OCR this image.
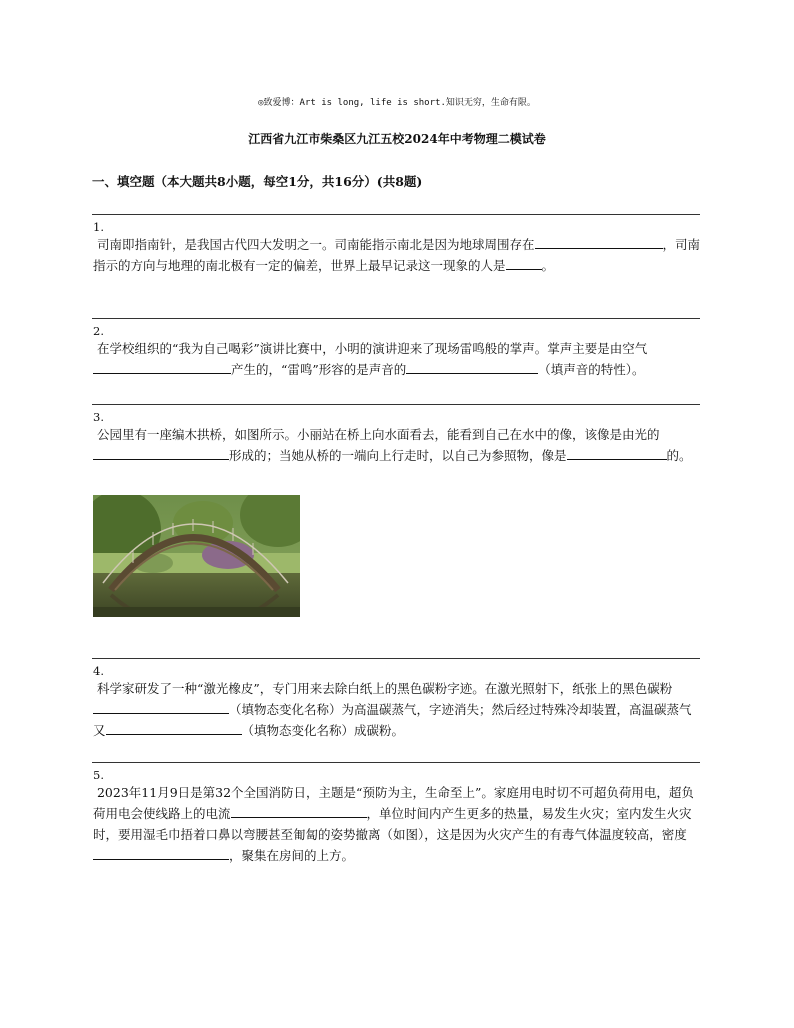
◎致爱博：Art is long, life is short.知识无穷，生命有限。
江西省九江市柴桑区九江五校2024年中考物理二模试卷
一、填空题（本大题共8小题，每空1分，共16分）(共8题)
1.
司南即指南针，是我国古代四大发明之一。司南能指示南北是因为地球周围存在	，司南指示的方向与地理的南北极有一定的偏差，世界上最早记录这一现象的人是	。
2.
在学校组织的“我为自己喝彩”演讲比赛中，小明的演讲迎来了现场雷鸣般的掌声。掌声主要是由空气产生的，“雷鸣”形容的是声音的	（填声音的特性）。
3.
公园里有一座编木拱桥，如图所示。小丽站在桥上向水面看去，能看到自己在水中的像，该像是由光的形成的；当她从桥的一端向上行走时，以自己为参照物，像是	的。
4.
科学家研发了一种“激光橡皮”，专门用来去除白纸上的黑色碳粉字迹。在激光照射下，纸张上的黑色碳粉（填物态变化名称）为高温碳蒸气，字迹消失；然后经过特殊冷却装置，高温碳蒸气又	（填物态变化名称）成碳粉。
5.
2023年11月9日是第32个全国消防日，主题是“预防为主，生命至上”。家庭用电时切不可超负荷用电，超负荷用电会使线路上的电流	，单位时间内产生更多的热量，易发生火灾；室内发生火灾时，要用湿毛巾捂着口鼻以弯腰甚至匍匐的姿势撤离（如图），这是因为火灾产生的有毒气体温度较高，密度，聚集在房间的上方。
